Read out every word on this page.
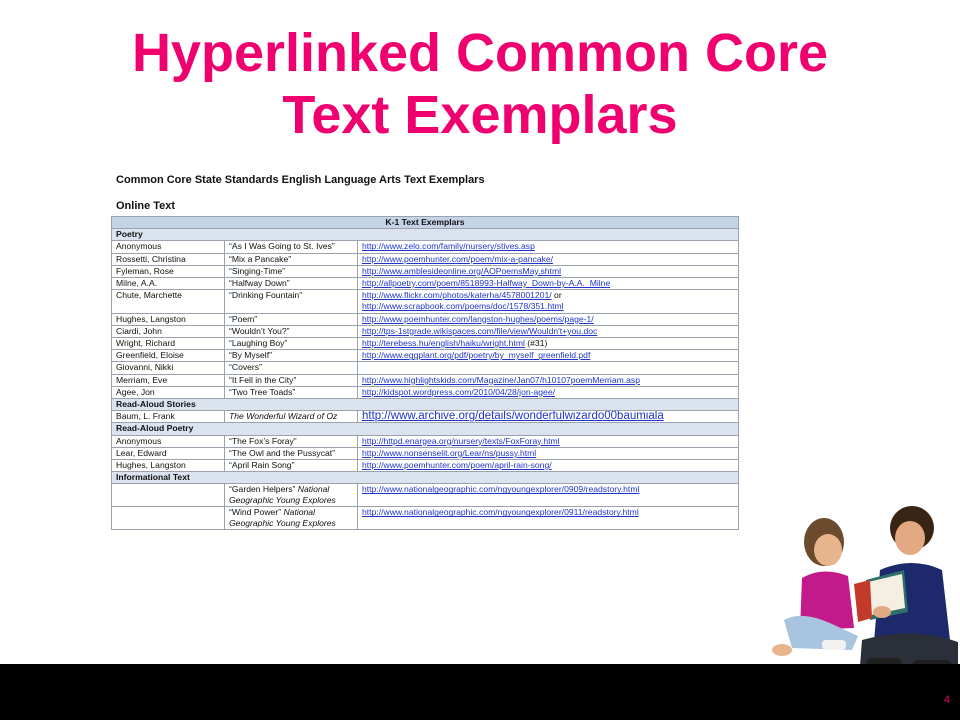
Hyperlinked Common Core
Text Exemplars
Common Core State Standards English Language Arts Text Exemplars
Online Text
K-1 Text Exemplars		
Poetry		
Anonymous	“As I Was Going to St. Ives”	http://www.zelo.com/family/nursery/stives.asp
Rossetti, Christina	“Mix a Pancake”	http://www.poemhunter.com/poem/mix-a-pancake/
Fyleman, Rose	“Singing-Time”	http://www.amblesideonline.org/AOPoemsMay.shtml
Milne, A.A.	“Halfway Down”	http://allpoetry.com/poem/8518993-Halfway_Down-by-A.A._Milne
Chute, Marchette	“Drinking Fountain”	http://www.flickr.com/photos/katerha/4578001201/ or
http://www.scrapbook.com/poems/doc/1578/351.html
Hughes, Langston	“Poem”	http://www.poemhunter.com/langston-hughes/poems/page-1/
Ciardi, John	“Wouldn’t You?”	http://tps-1stgrade.wikispaces.com/file/view/Wouldn't+you.doc
Wright, Richard	“Laughing Boy”	http://terebess.hu/english/haiku/wright.html (#31)
Greenfield, Eloise	“By Myself”	http://www.eggplant.org/pdf/poetry/by_myself_greenfield.pdf
Giovanni, Nikki	“Covers”	
Merriam, Eve	“It Fell in the City”	http://www.highlightskids.com/Magazine/Jan07/h10107poemMerriam.asp
Agee, Jon	“Two Tree Toads”	http://kidspot.wordpress.com/2010/04/28/jon-agee/
Read-Aloud Stories		
Baum, L. Frank	The Wonderful Wizard of Oz	http://www.archive.org/details/wonderfulwizardo00baumiala
Read-Aloud Poetry		
Anonymous	“The Fox’s Foray”	http://httpd.enargea.org/nursery/texts/FoxForay.html
Lear, Edward	“The Owl and the Pussycat”	http://www.nonsenselit.org/Lear/ns/pussy.html
Hughes, Langston	“April Rain Song”	http://www.poemhunter.com/poem/april-rain-song/
Informational Text		
	“Garden Helpers” National Geographic Young Explores	http://www.nationalgeographic.com/ngyoungexplorer/0909/readstory.html
	“Wind Power” National Geographic Young Explores	http://www.nationalgeographic.com/ngyoungexplorer/0911/readstory.html
4
